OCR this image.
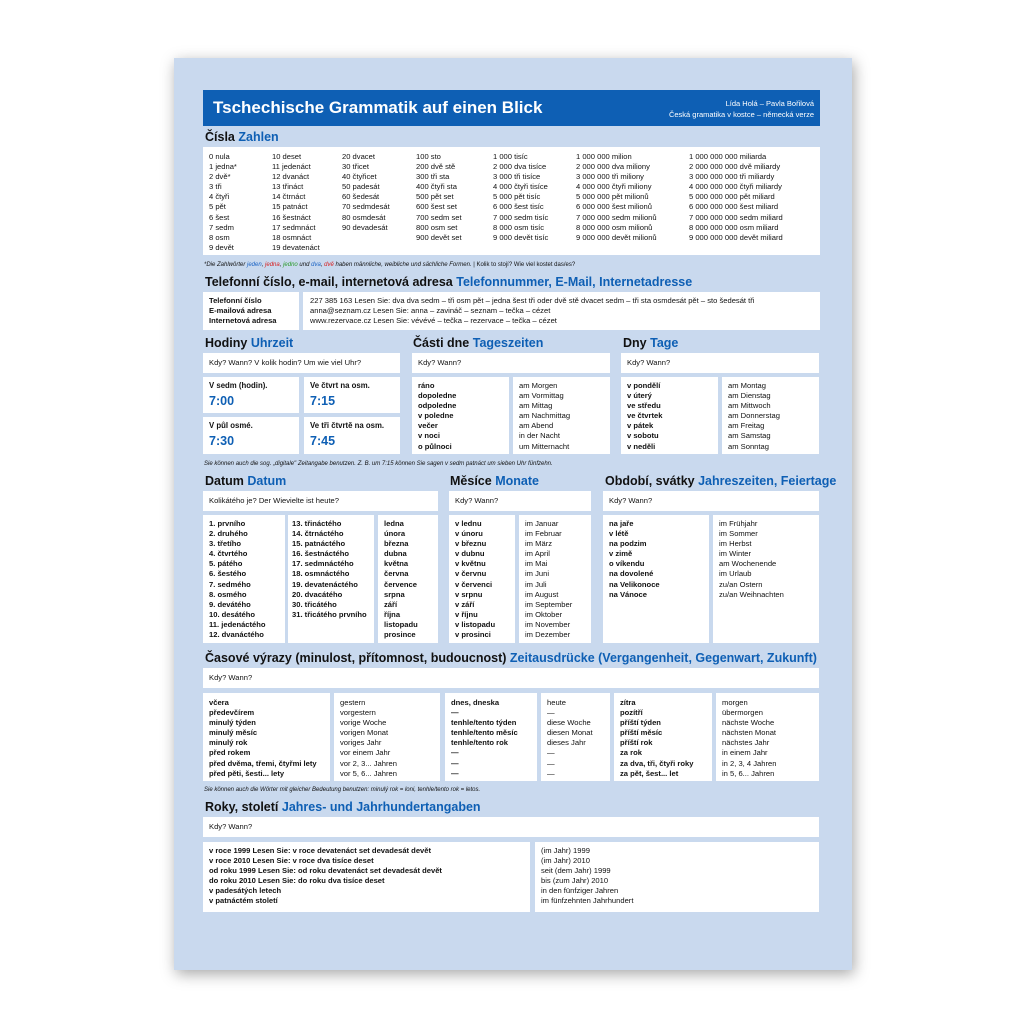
Tschechische Grammatik auf einen Blick	Lída Holá – Pavla Bořilová
Česká gramatika v kostce – německá verze
Čísla Zahlen
0 nula
1 jedna*
2 dvě*
3 tři
4 čtyři
5 pět
6 šest
7 sedm
8 osm
9 devět
10 deset
11 jedenáct
12 dvanáct
13 třináct
14 čtrnáct
15 patnáct
16 šestnáct
17 sedmnáct
18 osmnáct
19 devatenáct
20 dvacet
30 třicet
40 čtyřicet
50 padesát
60 šedesát
70 sedmdesát
80 osmdesát
90 devadesát
100 sto
200 dvě stě
300 tři sta
400 čtyři sta
500 pět set
600 šest set
700 sedm set
800 osm set
900 devět set
1 000 tisíc
2 000 dva tisíce
3 000 tři tisíce
4 000 čtyři tisíce
5 000 pět tisíc
6 000 šest tisíc
7 000 sedm tisíc
8 000 osm tisíc
9 000 devět tisíc
1 000 000 milion
2 000 000 dva miliony
3 000 000 tři miliony
4 000 000 čtyři miliony
5 000 000 pět milionů
6 000 000 šest milionů
7 000 000 sedm milionů
8 000 000 osm milionů
9 000 000 devět milionů
1 000 000 000 miliarda
2 000 000 000 dvě miliardy
3 000 000 000 tři miliardy
4 000 000 000 čtyři miliardy
5 000 000 000 pět miliard
6 000 000 000 šest miliard
7 000 000 000 sedm miliard
8 000 000 000 osm miliard
9 000 000 000 devět miliard
*Die Zahlwörter jeden, jedna, jedno und dva, dvě haben männliche, weibliche und sächliche Formen. | Kolik to stojí? Wie viel kostet das/es?
Telefonní číslo, e-mail, internetová adresa Telefonnummer, E-Mail, Internetadresse
Telefonní číslo
E-mailová adresa
Internetová adresa
227 385 163 Lesen Sie: dva dva sedm – tři osm pět – jedna šest tři oder dvě stě dvacet sedm – tři sta osmdesát pět – sto šedesát tři
anna@seznam.cz Lesen Sie: anna – zavináč – seznam – tečka – cézet
www.rezervace.cz Lesen Sie: vévévé – tečka – rezervace – tečka – cézet
Hodiny Uhrzeit
Kdy? Wann? V kolik hodin? Um wie viel Uhr?
V sedm (hodin).
7:00
Ve čtvrt na osm.
7:15
V půl osmé.
7:30
Ve tři čtvrtě na osm.
7:45
Sie können auch die sog. „digitale" Zeitangabe benutzen. Z. B. um 7:15 können Sie sagen v sedm patnáct um sieben Uhr fünfzehn.
Části dne Tageszeiten
Kdy? Wann?
ráno
dopoledne
odpoledne
v poledne
večer
v noci
o půlnoci
am Morgen
am Vormittag
am Mittag
am Nachmittag
am Abend
in der Nacht
um Mitternacht
Dny Tage
Kdy? Wann?
v pondělí
v úterý
ve středu
ve čtvrtek
v pátek
v sobotu
v neděli
am Montag
am Dienstag
am Mittwoch
am Donnerstag
am Freitag
am Samstag
am Sonntag
Datum Datum
Kolikátého je? Der Wievielte ist heute?
1. prvního
2. druhého
3. třetího
4. čtvrtého
5. pátého
6. šestého
7. sedmého
8. osmého
9. devátého
10. desátého
11. jedenáctého
12. dvanáctého
13. třináctého
14. čtrnáctého
15. patnáctého
16. šestnáctého
17. sedmnáctého
18. osmnáctého
19. devatenáctého
20. dvacátého
30. třicátého
31. třicátého prvního
ledna
února
března
dubna
května
června
července
srpna
září
října
listopadu
prosince
Měsíce Monate
Kdy? Wann?
v lednu
v únoru
v březnu
v dubnu
v květnu
v červnu
v červenci
v srpnu
v září
v říjnu
v listopadu
v prosinci
im Januar
im Februar
im März
im April
im Mai
im Juni
im Juli
im August
im September
im Oktober
im November
im Dezember
Období, svátky Jahreszeiten, Feiertage
Kdy? Wann?
na jaře
v létě
na podzim
v zimě
o víkendu
na dovolené
na Velikonoce
na Vánoce
im Frühjahr
im Sommer
im Herbst
im Winter
am Wochenende
im Urlaub
zu/an Ostern
zu/an Weihnachten
Časové výrazy (minulost, přítomnost, budoucnost) Zeitausdrücke (Vergangenheit, Gegenwart, Zukunft)
Kdy? Wann?
včera
předevčírem
minulý týden
minulý měsíc
minulý rok
před rokem
před dvěma, třemi, čtyřmi lety
před pěti, šesti... lety
gestern
vorgestern
vorige Woche
vorigen Monat
voriges Jahr
vor einem Jahr
vor 2, 3... Jahren
vor 5, 6... Jahren
dnes, dneska
—
tenhle/tento týden
tenhle/tento měsíc
tenhle/tento rok
—
—
—
heute
—
diese Woche
diesen Monat
dieses Jahr
—
—
—
zítra
pozítří
příští týden
příští měsíc
příští rok
za rok
za dva, tři, čtyři roky
za pět, šest... let
morgen
übermorgen
nächste Woche
nächsten Monat
nächstes Jahr
in einem Jahr
in 2, 3, 4 Jahren
in 5, 6... Jahren
Sie können auch die Wörter mit gleicher Bedeutung benutzen: minulý rok = loni, tenhle/tento rok = letos.
Roky, století Jahres- und Jahrhundertangaben
Kdy? Wann?
v roce 1999 Lesen Sie: v roce devatenáct set devadesát devět
v roce 2010 Lesen Sie: v roce dva tisíce deset
od roku 1999 Lesen Sie: od roku devatenáct set devadesát devět
do roku 2010 Lesen Sie: do roku dva tisíce deset
v padesátých letech
v patnáctém století
(im Jahr) 1999
(im Jahr) 2010
seit (dem Jahr) 1999
bis (zum Jahr) 2010
in den fünfziger Jahren
im fünfzehnten Jahrhundert
